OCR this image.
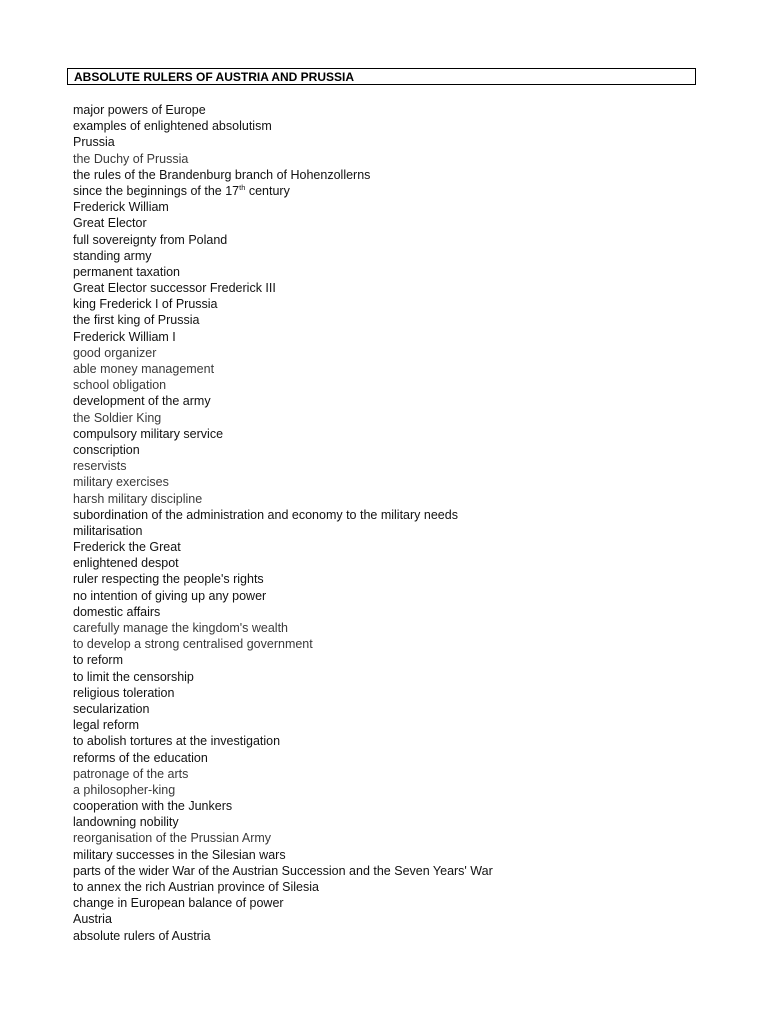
ABSOLUTE RULERS OF AUSTRIA AND PRUSSIA
major powers of Europe
examples of enlightened absolutism
Prussia
the Duchy of Prussia
the rules of the Brandenburg branch of Hohenzollerns
since the beginnings of the 17th century
Frederick William
Great Elector
full sovereignty from Poland
standing army
permanent taxation
Great Elector successor Frederick III
king Frederick I of Prussia
the first king of Prussia
Frederick William I
good organizer
able money management
school obligation
development of the army
the Soldier King
compulsory military service
conscription
reservists
military exercises
harsh military discipline
subordination of the administration and economy to the military needs
militarisation
Frederick the Great
enlightened despot
ruler respecting the people's rights
no intention of giving up any power
domestic affairs
carefully manage the kingdom's wealth
to develop a strong centralised government
to reform
to limit the censorship
religious toleration
secularization
legal reform
to abolish tortures at the investigation
reforms of the education
patronage of the arts
a philosopher-king
cooperation with the Junkers
landowning nobility
reorganisation of the Prussian Army
military successes in the Silesian wars
parts of the wider War of the Austrian Succession and the Seven Years' War
to annex the rich Austrian province of Silesia
change in European balance of power
Austria
absolute rulers of Austria
